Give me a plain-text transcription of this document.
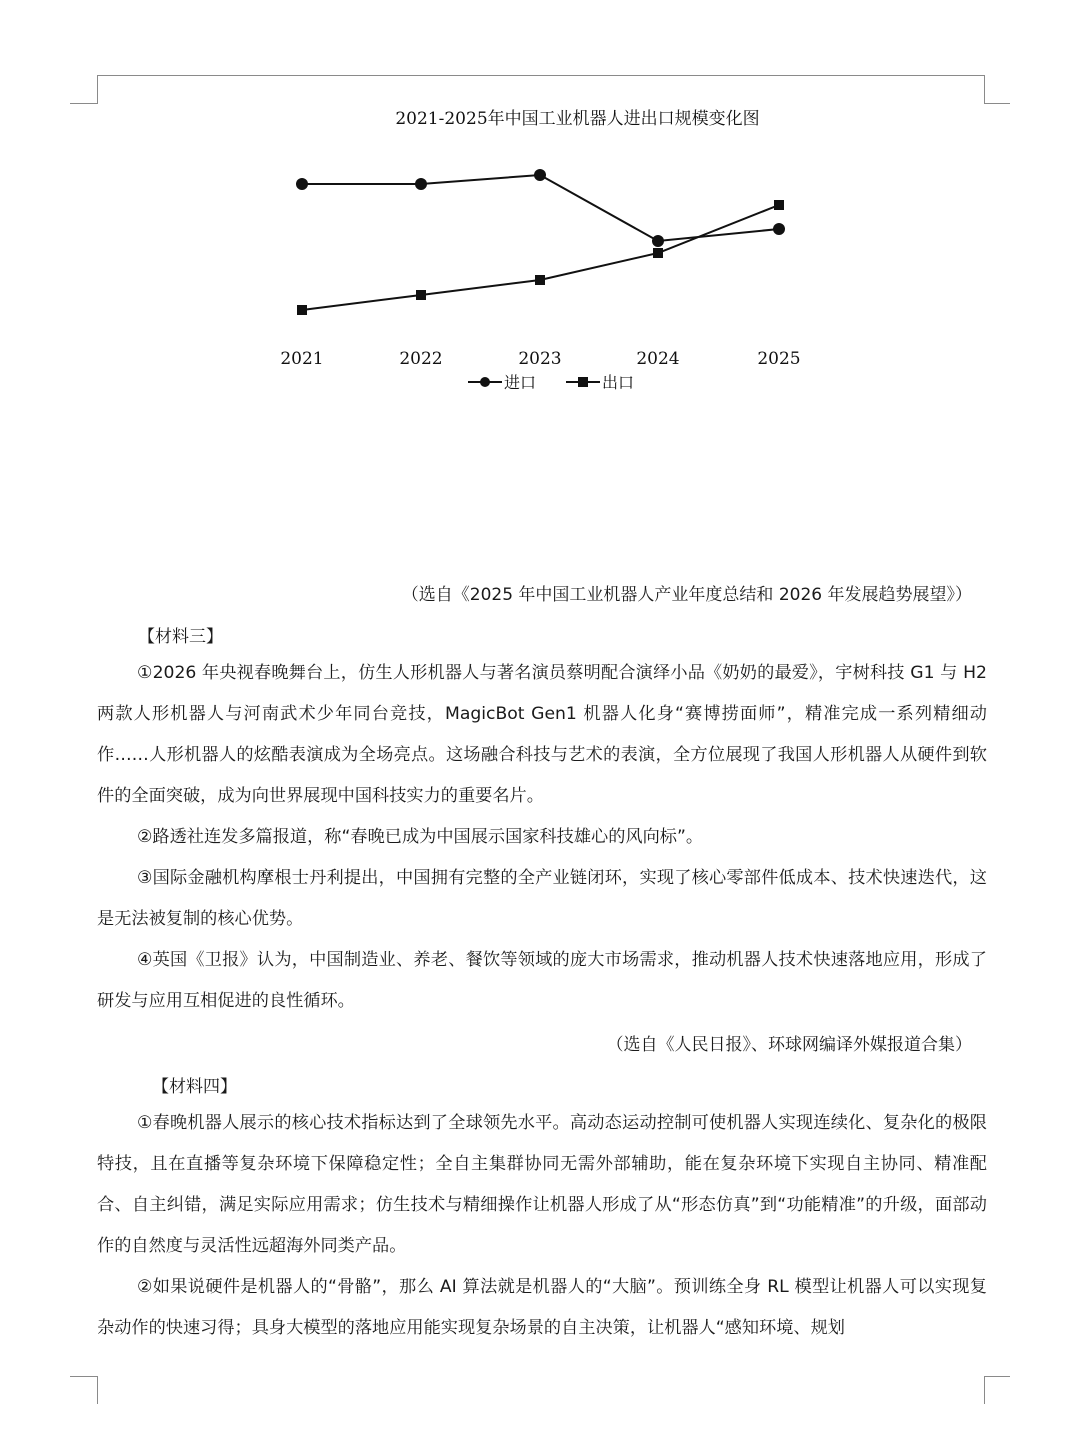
2021-2025年中国工业机器人进出口规模变化图
2021	2022	2023	2024	2025
进口	出口
（选自《2025 年中国工业机器人产业年度总结和 2026 年发展趋势展望》）
【材料三】

①2026 年央视春晚舞台上，仿生人形机器人与著名演员蔡明配合演绎小品《奶奶的最爱》，宇树科技 G1 与 H2 两款人形机器人与河南武术少年同台竞技，MagicBot Gen1 机器人化身“赛博捞面师”，精准完成一系列精细动作……人形机器人的炫酷表演成为全场亮点。这场融合科技与艺术的表演，全方位展现了我国人形机器人从硬件到软件的全面突破，成为向世界展现中国科技实力的重要名片。

②路透社连发多篇报道，称“春晚已成为中国展示国家科技雄心的风向标”。

③国际金融机构摩根士丹利提出，中国拥有完整的全产业链闭环，实现了核心零部件低成本、技术快速迭代，这是无法被复制的核心优势。

④英国《卫报》认为，中国制造业、养老、餐饮等领域的庞大市场需求，推动机器人技术快速落地应用，形成了研发与应用互相促进的良性循环。

（选自《人民日报》、环球网编译外媒报道合集）
【材料四】

①春晚机器人展示的核心技术指标达到了全球领先水平。高动态运动控制可使机器人实现连续化、复杂化的极限特技，且在直播等复杂环境下保障稳定性；全自主集群协同无需外部辅助，能在复杂环境下实现自主协同、精准配合、自主纠错，满足实际应用需求；仿生技术与精细操作让机器人形成了从“形态仿真”到“功能精准”的升级，面部动作的自然度与灵活性远超海外同类产品。

②如果说硬件是机器人的“骨骼”，那么 AI 算法就是机器人的“大脑”。预训练全身 RL 模型让机器人可以实现复杂动作的快速习得；具身大模型的落地应用能实现复杂场景的自主决策，让机器人“感知环境、规划
